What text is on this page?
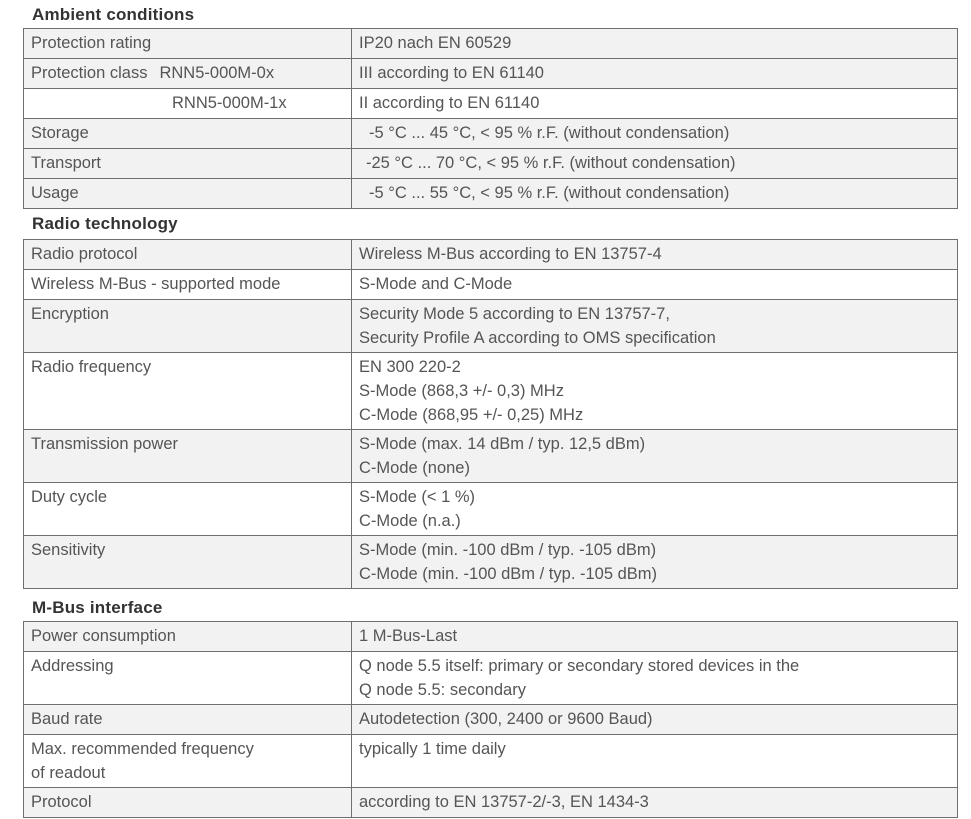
Ambient conditions
Protection rating	IP20 nach EN 60529
Protection class RNN5-000M-0x	III according to EN 61140
RNN5-000M-1x	II according to EN 61140
Storage	-5 °C ... 45 °C, < 95 % r.F. (without condensation)
Transport	-25 °C ... 70 °C, < 95 % r.F. (without condensation)
Usage	-5 °C ... 55 °C, < 95 % r.F. (without condensation)
Radio technology
Radio protocol	Wireless M-Bus according to EN 13757-4
Wireless M-Bus - supported mode	S-Mode and C-Mode
Encryption	Security Mode 5 according to EN 13757-7,
Security Profile A according to OMS specification

Radio frequency	EN 300 220-2
S-Mode (868,3 +/- 0,3) MHz
C-Mode (868,95 +/- 0,25) MHz

Transmission power	S-Mode (max. 14 dBm / typ. 12,5 dBm)
C-Mode (none)

Duty cycle	S-Mode (< 1 %)
C-Mode (n.a.)

Sensitivity	S-Mode (min. -100 dBm / typ. -105 dBm)
C-Mode (min. -100 dBm / typ. -105 dBm)
M-Bus interface
Power consumption	1 M-Bus-Last
Addressing	Q node 5.5 itself: primary or secondary stored devices in the
Q node 5.5: secondary

Baud rate	Autodetection (300, 2400 or 9600 Baud)

Max. recommended frequency
of readout	typically 1 time daily
Protocol	according to EN 13757-2/-3, EN 1434-3
